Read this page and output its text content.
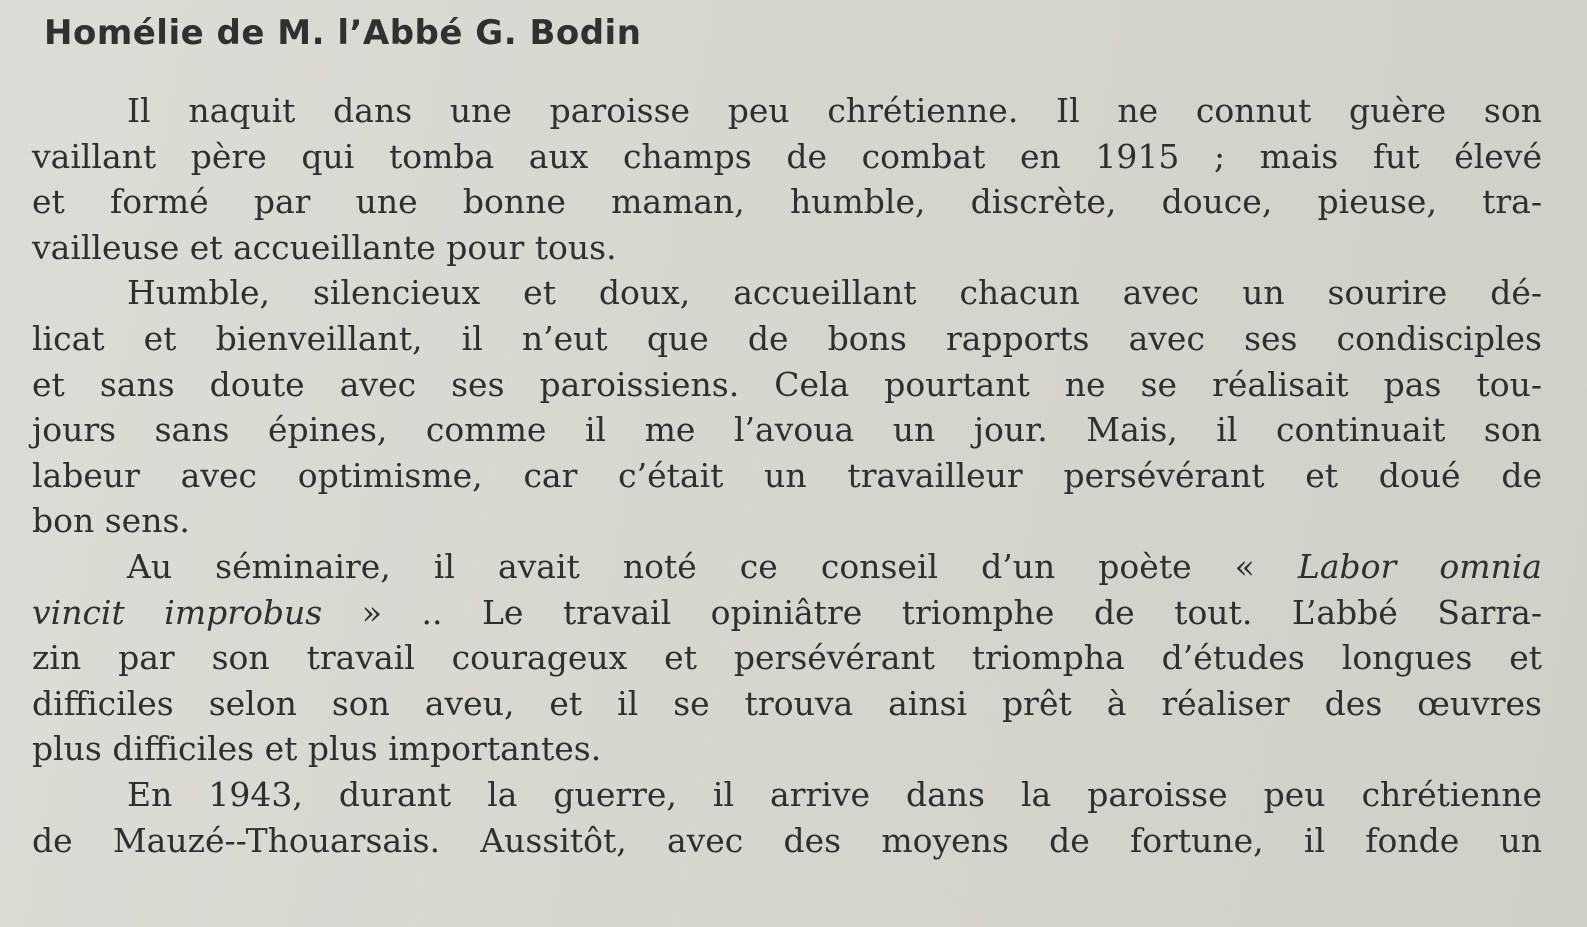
Homélie de M. l’Abbé G. Bodin
Il naquit dans une paroisse peu chrétienne. Il ne connut guère son
vaillant père qui tomba aux champs de combat en 1915 ; mais fut élevé
et formé par une bonne maman, humble, discrète, douce, pieuse, tra-
vailleuse et accueillante pour tous.
Humble, silencieux et doux, accueillant chacun avec un sourire dé-
licat et bienveillant, il n’eut que de bons rapports avec ses condisciples
et sans doute avec ses paroissiens. Cela pourtant ne se réalisait pas tou-
jours sans épines, comme il me l’avoua un jour. Mais, il continuait son
labeur avec optimisme, car c’était un travailleur persévérant et doué de
bon sens.
Au séminaire, il avait noté ce conseil d’un poète « Labor omnia
vincit improbus » .. Le travail opiniâtre triomphe de tout. L’abbé Sarra-
zin par son travail courageux et persévérant triompha d’études longues et
difficiles selon son aveu, et il se trouva ainsi prêt à réaliser des œuvres
plus difficiles et plus importantes.
En 1943, durant la guerre, il arrive dans la paroisse peu chrétienne
de Mauzé--Thouarsais. Aussitôt, avec des moyens de fortune, il fonde un
